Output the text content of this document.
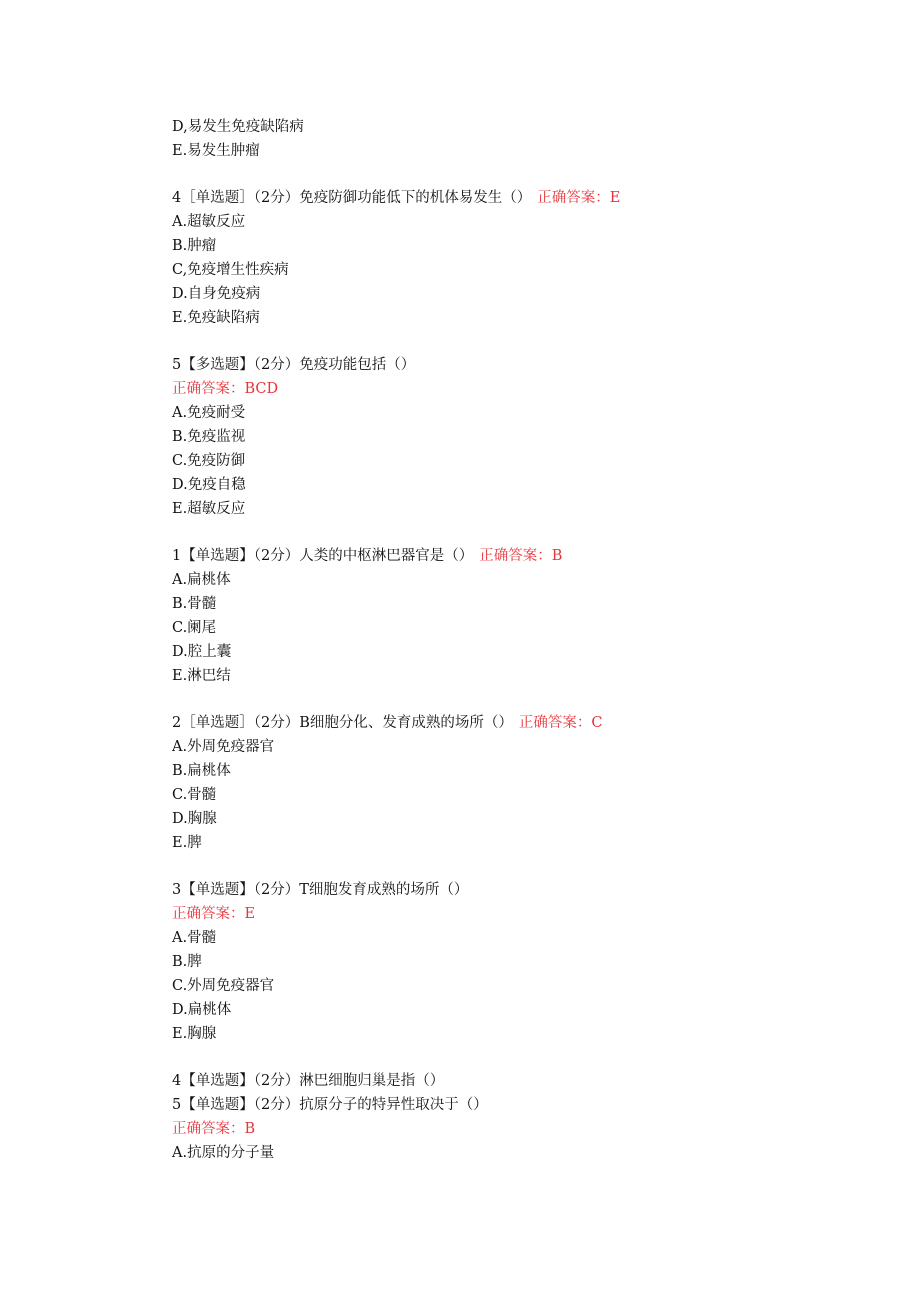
D,易发生免疫缺陷病
E.易发生肿瘤
4［单选题］（2分）免疫防御功能低下的机体易发生（） 正确答案：E
A.超敏反应
B.肿瘤
C,免疫增生性疾病
D.自身免疫病
E.免疫缺陷病
5【多选题】（2分）免疫功能包括（）
正确答案：BCD
A.免疫耐受
B.免疫监视
C.免疫防御
D.免疫自稳
E.超敏反应
1【单选题】（2分）人类的中枢淋巴器官是（） 正确答案：B
A.扁桃体
B.骨髓
C.阑尾
D.腔上囊
E.淋巴结
2［单选题］（2分）B细胞分化、发育成熟的场所（） 正确答案：C
A.外周免疫器官
B.扁桃体
C.骨髓
D.胸腺
E.脾
3【单选题】（2分）T细胞发育成熟的场所（）
正确答案：E
A.骨髓
B.脾
C.外周免疫器官
D.扁桃体
E.胸腺
4【单选题】（2分）淋巴细胞归巢是指（）
5【单选题】（2分）抗原分子的特异性取决于（）
正确答案：B
A.抗原的分子量
